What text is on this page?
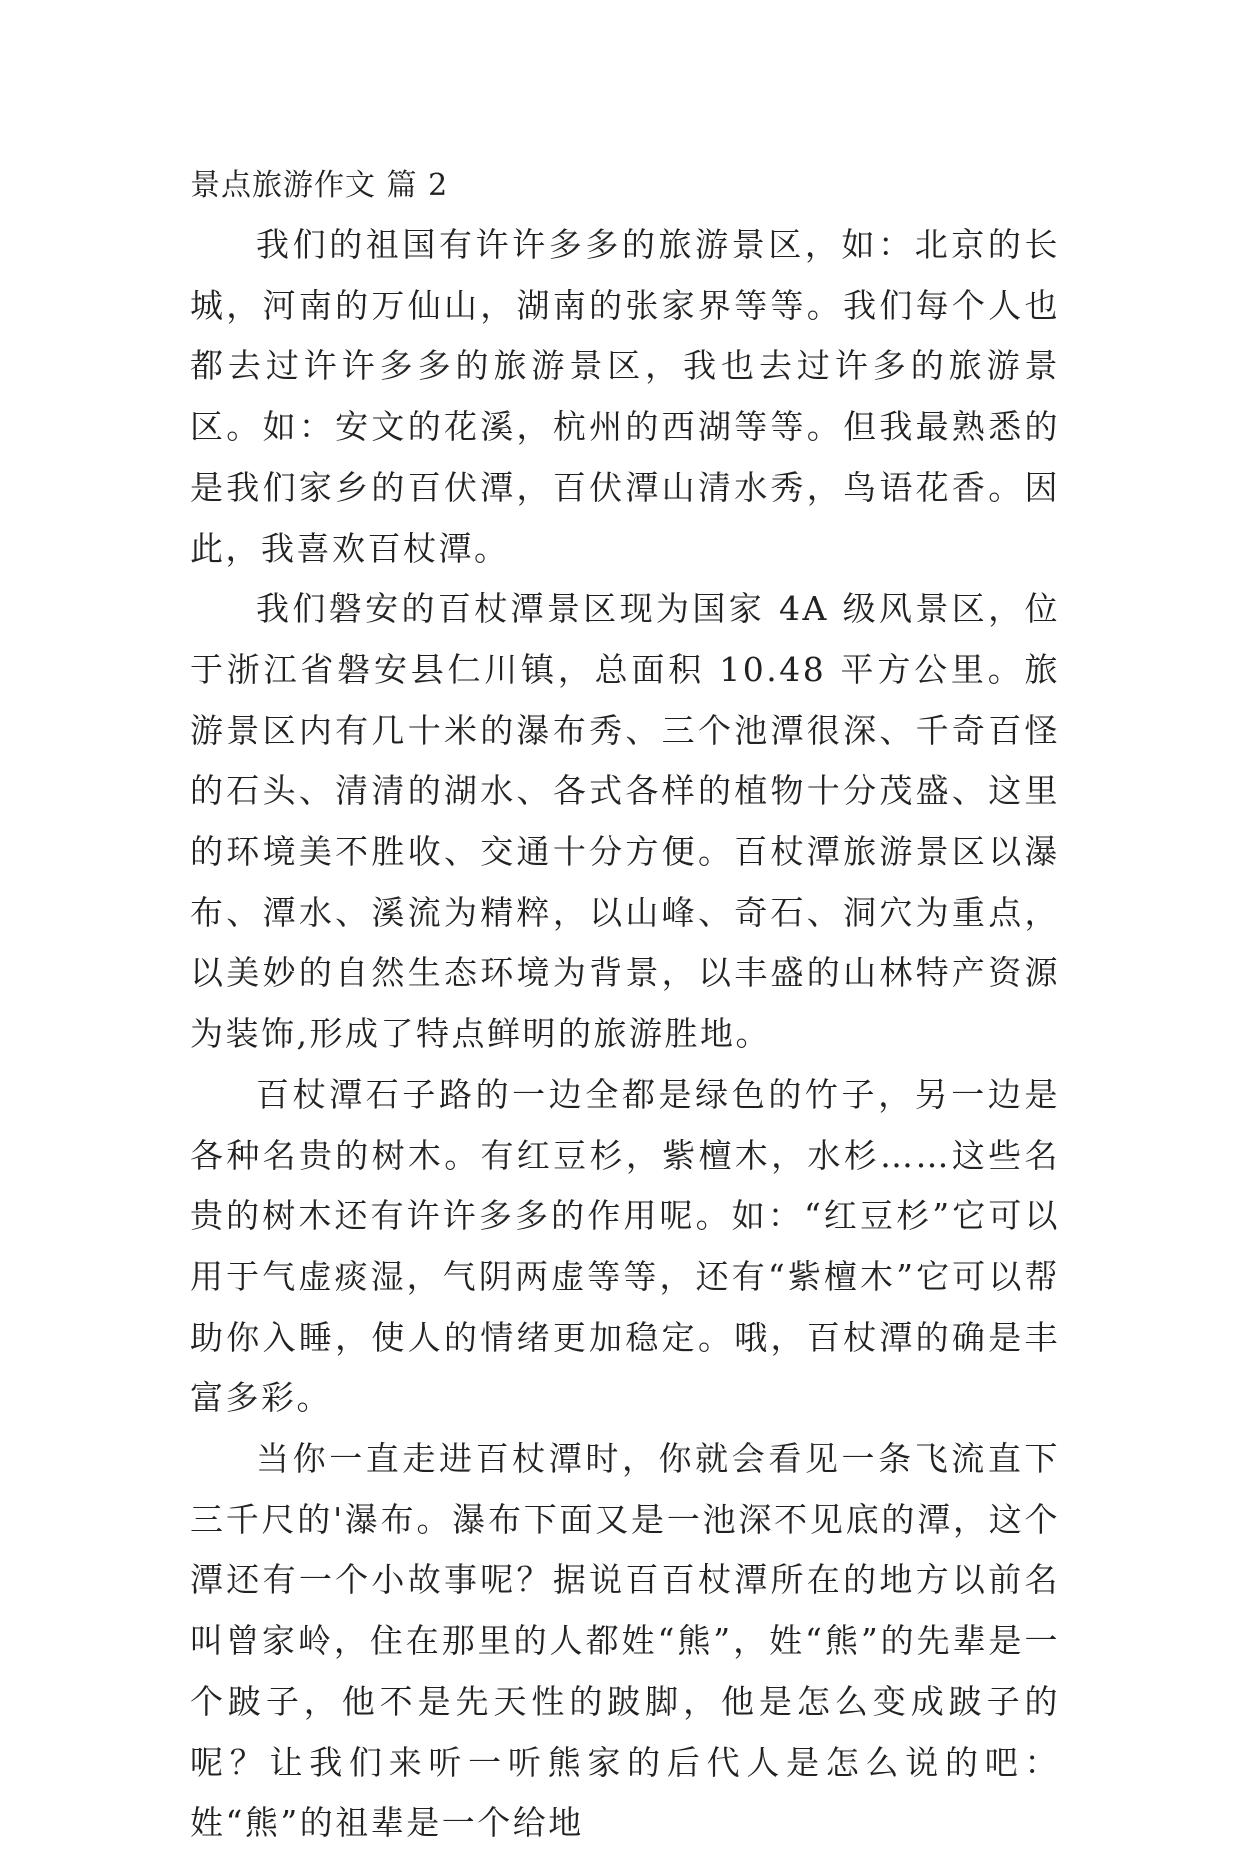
景点旅游作文 篇 2

我们的祖国有许许多多的旅游景区，如：北京的长城，河南的万仙山，湖南的张家界等等。我们每个人也都去过许许多多的旅游景区，我也去过许多的旅游景区。如：安文的花溪，杭州的西湖等等。但我最熟悉的是我们家乡的百伏潭，百伏潭山清水秀，鸟语花香。因此，我喜欢百杖潭。

我们磐安的百杖潭景区现为国家 4A 级风景区，位于浙江省磐安县仁川镇，总面积 10.48 平方公里。旅游景区内有几十米的瀑布秀、三个池潭很深、千奇百怪的石头、清清的湖水、各式各样的植物十分茂盛、这里的环境美不胜收、交通十分方便。百杖潭旅游景区以瀑布、潭水、溪流为精粹，以山峰、奇石、洞穴为重点，以美妙的自然生态环境为背景，以丰盛的山林特产资源为装饰,形成了特点鲜明的旅游胜地。

百杖潭石子路的一边全都是绿色的竹子，另一边是各种名贵的树木。有红豆杉，紫檀木，水杉……这些名贵的树木还有许许多多的作用呢。如：“红豆杉”它可以用于气虚痰湿，气阴两虚等等，还有“紫檀木”它可以帮助你入睡，使人的情绪更加稳定。哦，百杖潭的确是丰富多彩。

当你一直走进百杖潭时，你就会看见一条飞流直下三千尺的'瀑布。瀑布下面又是一池深不见底的潭，这个潭还有一个小故事呢？据说百百杖潭所在的地方以前名叫曾家岭，住在那里的人都姓“熊”，姓“熊”的先辈是一个跛子，他不是先天性的跛脚，他是怎么变成跛子的呢？让我们来听一听熊家的后代人是怎么说的吧：姓“熊”的祖辈是一个给地
